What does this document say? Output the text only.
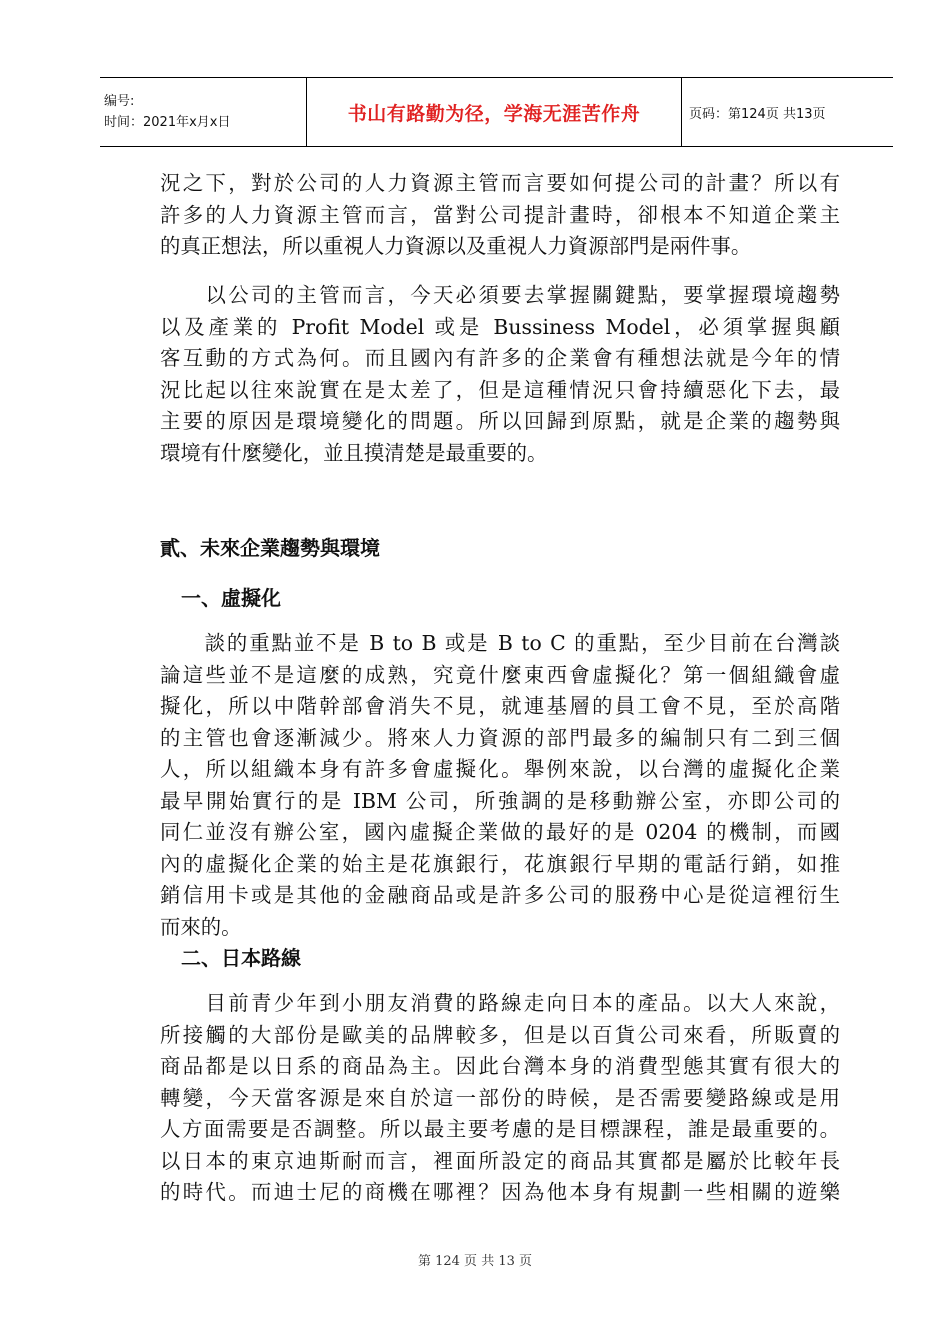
编号:
时间：2021年x月x日	书山有路勤为径，学海无涯苦作舟	页码：第124页 共13页

況之下，對於公司的人力資源主管而言要如何提公司的計畫？所以有
許多的人力資源主管而言，當對公司提計畫時，卻根本不知道企業主
的真正想法，所以重視人力資源以及重視人力資源部門是兩件事。

　　以公司的主管而言，今天必須要去掌握關鍵點，要掌握環境趨勢
以及產業的 Profit Model 或是 Bussiness Model，必須掌握與顧
客互動的方式為何。而且國內有許多的企業會有種想法就是今年的情
況比起以往來說實在是太差了，但是這種情況只會持續惡化下去，最
主要的原因是環境變化的問題。所以回歸到原點，就是企業的趨勢與
環境有什麼變化，並且摸清楚是最重要的。

貳、未來企業趨勢與環境
一、虛擬化

　　談的重點並不是 B to B 或是 B to C 的重點，至少目前在台灣談
論這些並不是這麼的成熟，究竟什麼東西會虛擬化？第一個組織會虛
擬化，所以中階幹部會消失不見，就連基層的員工會不見，至於高階
的主管也會逐漸減少。將來人力資源的部門最多的編制只有二到三個
人，所以組織本身有許多會虛擬化。舉例來說，以台灣的虛擬化企業
最早開始實行的是 IBM 公司，所強調的是移動辦公室，亦即公司的
同仁並沒有辦公室，國內虛擬企業做的最好的是 0204 的機制，而國
內的虛擬化企業的始主是花旗銀行，花旗銀行早期的電話行銷，如推
銷信用卡或是其他的金融商品或是許多公司的服務中心是從這裡衍生
而來的。

二、日本路線

　　目前青少年到小朋友消費的路線走向日本的產品。以大人來說，
所接觸的大部份是歐美的品牌較多，但是以百貨公司來看，所販賣的
商品都是以日系的商品為主。因此台灣本身的消費型態其實有很大的
轉變，今天當客源是來自於這一部份的時候，是否需要變路線或是用
人方面需要是否調整。所以最主要考慮的是目標課程，誰是最重要的。
以日本的東京迪斯耐而言，裡面所設定的商品其實都是屬於比較年長
的時代。而迪士尼的商機在哪裡？因為他本身有規劃一些相關的遊樂

第 124 页 共 13 页
